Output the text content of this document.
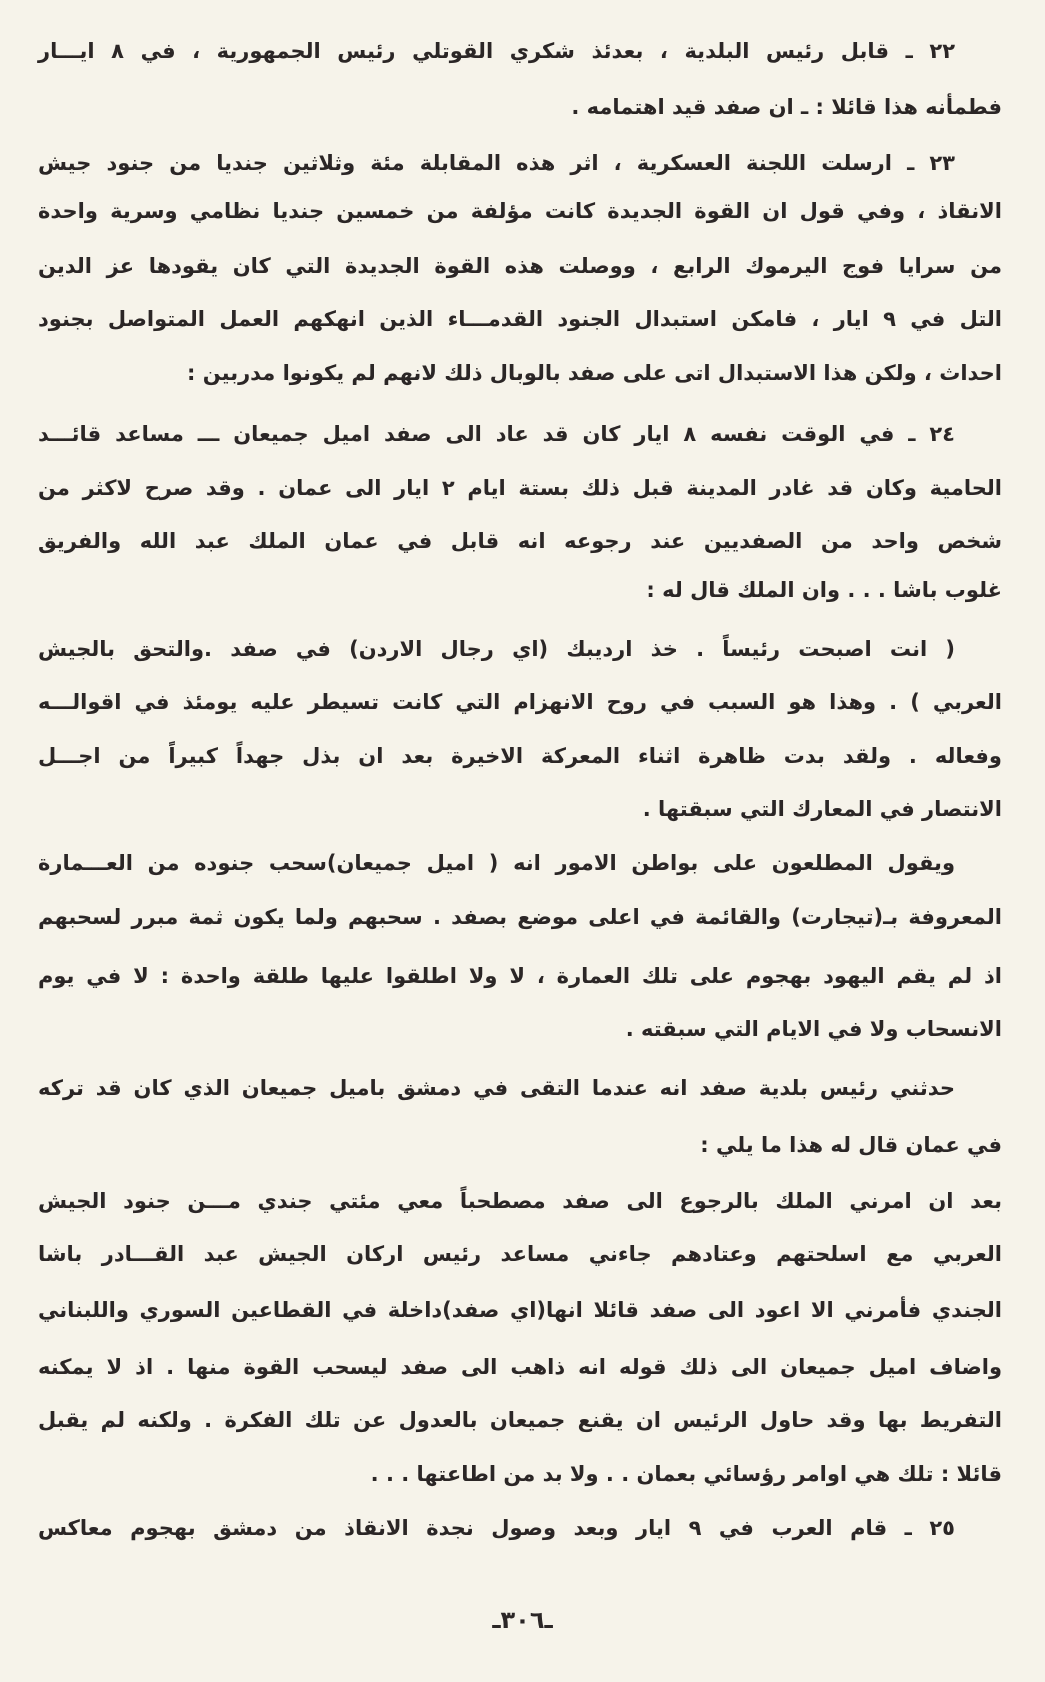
٢٢ ـ قابل رئيس البلدية ، بعدئذ شكري القوتلي رئيس الجمهورية ، في ٨ ايـــار
فطمأنه هذا قائلا : ـ ان صفد قيد اهتمامه .
٢٣ ـ ارسلت اللجنة العسكرية ، اثر هذه المقابلة مئة وثلاثين جنديا من جنود جيش
الانقاذ ، وفي قول ان القوة الجديدة كانت مؤلفة من خمسين جنديا نظامي وسرية واحدة
من سرايا فوج اليرموك الرابع ، ووصلت هذه القوة الجديدة التي كان يقودها عز الدين
التل في ٩ ايار ، فامكن استبدال الجنود القدمـــاء الذين انهكهم العمل المتواصل بجنود
احداث ، ولكن هذا الاستبدال اتى على صفد بالوبال ذلك لانهم لم يكونوا مدربين :
٢٤ ـ في الوقت نفسه ٨ ايار كان قد عاد الى صفد اميل جميعان ـــ مساعد قائـــد
الحامية وكان قد غادر المدينة قبل ذلك بستة ايام ٢ ايار الى عمان . وقد صرح لاكثر من
شخص واحد من الصفديين عند رجوعه انه قابل في عمان الملك عبد الله والفريق
غلوب باشا . . . وان الملك قال له :
( انت اصبحت رئيساً . خذ ارديبك (اي رجال الاردن) في صفد .والتحق بالجيش
العربي ) . وهذا هو السبب في روح الانهزام التي كانت تسيطر عليه يومئذ في اقوالـــه
وفعاله . ولقد بدت ظاهرة اثناء المعركة الاخيرة بعد ان بذل جهداً كبيراً من اجـــل
الانتصار في المعارك التي سبقتها .
ويقول المطلعون على بواطن الامور انه ( اميل جميعان)سحب جنوده من العـــمارة
المعروفة بـ(تيجارت) والقائمة في اعلى موضع بصفد . سحبهم ولما يكون ثمة مبرر لسحبهم
اذ لم يقم اليهود بهجوم على تلك العمارة ، لا ولا اطلقوا عليها طلقة واحدة : لا في يوم
الانسحاب ولا في الايام التي سبقته .
حدثني رئيس بلدية صفد انه عندما التقى في دمشق باميل جميعان الذي كان قد تركه
في عمان قال له هذا ما يلي :
بعد ان امرني الملك بالرجوع الى صفد مصطحباً معي مئتي جندي مـــن جنود الجيش
العربي مع اسلحتهم وعتادهم جاءني مساعد رئيس اركان الجيش عبد القـــادر باشا
الجندي فأمرني الا اعود الى صفد قائلا انها(اي صفد)داخلة في القطاعين السوري واللبناني
واضاف اميل جميعان الى ذلك قوله انه ذاهب الى صفد ليسحب القوة منها . اذ لا يمكنه
التفريط بها وقد حاول الرئيس ان يقنع جميعان بالعدول عن تلك الفكرة . ولكنه لم يقبل
قائلا : تلك هي اوامر رؤسائي بعمان . . ولا بد من اطاعتها . . .
٢٥ ـ قام العرب في ٩ ايار وبعد وصول نجدة الانقاذ من دمشق بهجوم معاكس
ـ٣٠٦ـ
